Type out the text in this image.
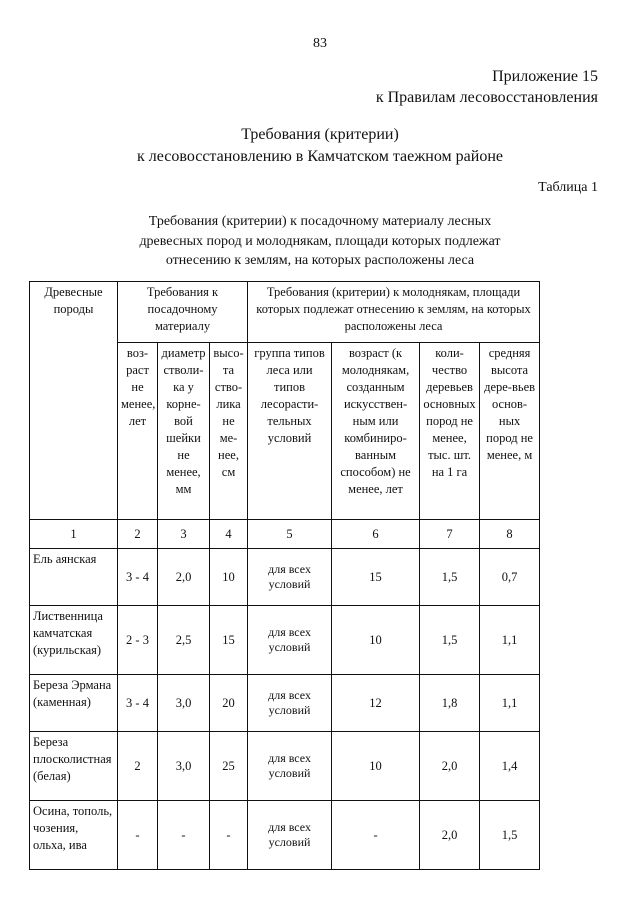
83
Приложение 15
к Правилам лесовосстановления
Требования (критерии)
к лесовосстановлению в Камчатском таежном районе
Таблица 1
Требования (критерии) к посадочному материалу лесных
древесных пород и молоднякам, площади которых подлежат
отнесению к землям, на которых расположены леса
Древесные породы	Требования к посадочному материалу			Требования (критерии) к молоднякам, площади которых подлежат отнесению к землям, на которых расположены леса			
	воз-раст не менее, лет	диаметр стволи-ка у корне-вой шейки не менее, мм	высо-та ство-лика не ме-нее, см	группа типов леса или типов лесорасти-тельных условий	возраст (к молоднякам, созданным искусствен-ным или комбиниро-ванным способом) не менее, лет	коли-чество деревьев основных пород не менее, тыс. шт. на 1 га	средняя высота дере-вьев основ-ных пород не менее, м
1	2	3	4	5	6	7	8
Ель аянская	3 - 4	2,0	10	для всех условий	15	1,5	0,7
Лиственница камчатская (курильская)	2 - 3	2,5	15	для всех условий	10	1,5	1,1
Береза Эрмана (каменная)	3 - 4	3,0	20	для всех условий	12	1,8	1,1
Береза плосколистная (белая)	2	3,0	25	для всех условий	10	2,0	1,4
Осина, тополь, чозения, ольха, ива	-	-	-	для всех условий	-	2,0	1,5
